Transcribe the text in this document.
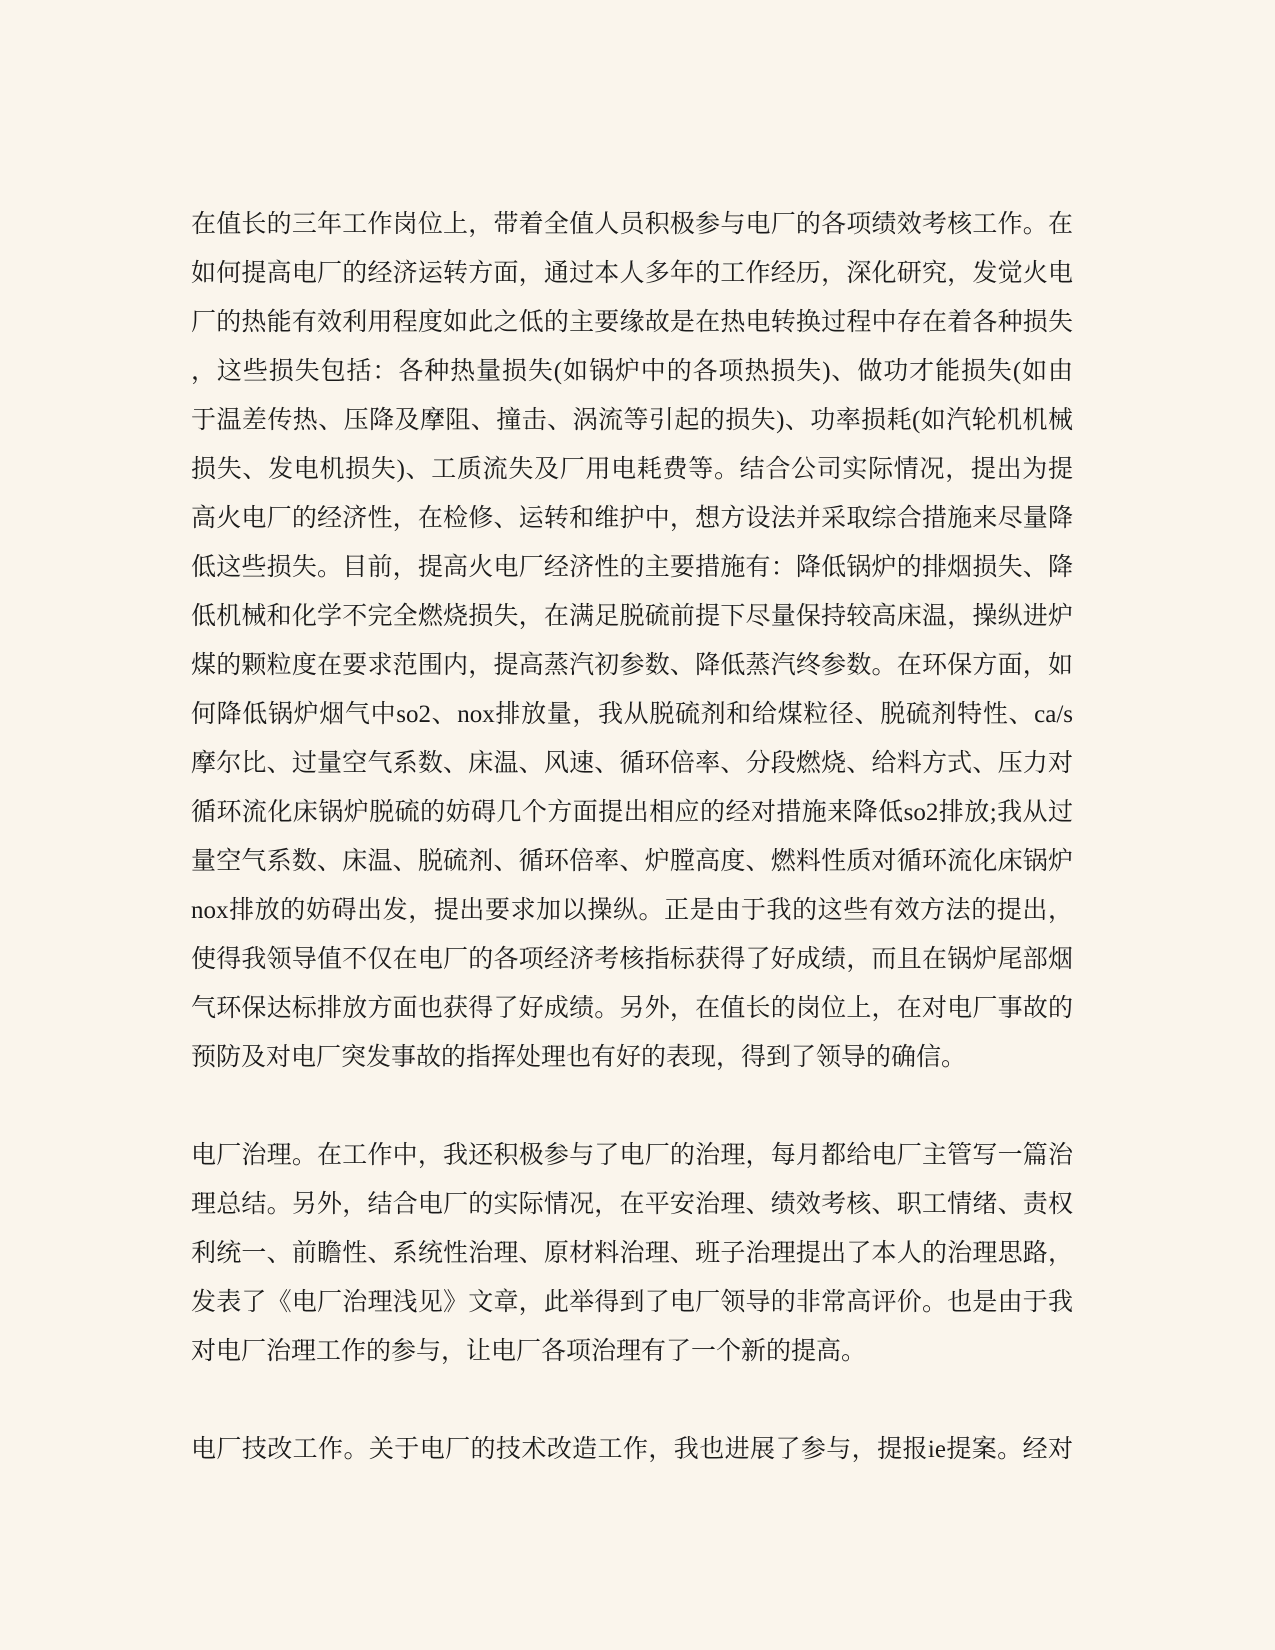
在值长的三年工作岗位上，带着全值人员积极参与电厂的各项绩效考核工作。在
如何提高电厂的经济运转方面，通过本人多年的工作经历，深化研究，发觉火电
厂的热能有效利用程度如此之低的主要缘故是在热电转换过程中存在着各种损失
，这些损失包括：各种热量损失(如锅炉中的各项热损失)、做功才能损失(如由
于温差传热、压降及摩阻、撞击、涡流等引起的损失)、功率损耗(如汽轮机机械
损失、发电机损失)、工质流失及厂用电耗费等。结合公司实际情况，提出为提
高火电厂的经济性，在检修、运转和维护中，想方设法并采取综合措施来尽量降
低这些损失。目前，提高火电厂经济性的主要措施有：降低锅炉的排烟损失、降
低机械和化学不完全燃烧损失，在满足脱硫前提下尽量保持较高床温，操纵进炉
煤的颗粒度在要求范围内，提高蒸汽初参数、降低蒸汽终参数。在环保方面，如
何降低锅炉烟气中so2、nox排放量，我从脱硫剂和给煤粒径、脱硫剂特性、ca/s
摩尔比、过量空气系数、床温、风速、循环倍率、分段燃烧、给料方式、压力对
循环流化床锅炉脱硫的妨碍几个方面提出相应的经对措施来降低so2排放;我从过
量空气系数、床温、脱硫剂、循环倍率、炉膛高度、燃料性质对循环流化床锅炉
nox排放的妨碍出发，提出要求加以操纵。正是由于我的这些有效方法的提出，
使得我领导值不仅在电厂的各项经济考核指标获得了好成绩，而且在锅炉尾部烟
气环保达标排放方面也获得了好成绩。另外，在值长的岗位上，在对电厂事故的
预防及对电厂突发事故的指挥处理也有好的表现，得到了领导的确信。
电厂治理。在工作中，我还积极参与了电厂的治理，每月都给电厂主管写一篇治
理总结。另外，结合电厂的实际情况，在平安治理、绩效考核、职工情绪、责权
利统一、前瞻性、系统性治理、原材料治理、班子治理提出了本人的治理思路，
发表了《电厂治理浅见》文章，此举得到了电厂领导的非常高评价。也是由于我
对电厂治理工作的参与，让电厂各项治理有了一个新的提高。
电厂技改工作。关于电厂的技术改造工作，我也进展了参与，提报ie提案。经对
